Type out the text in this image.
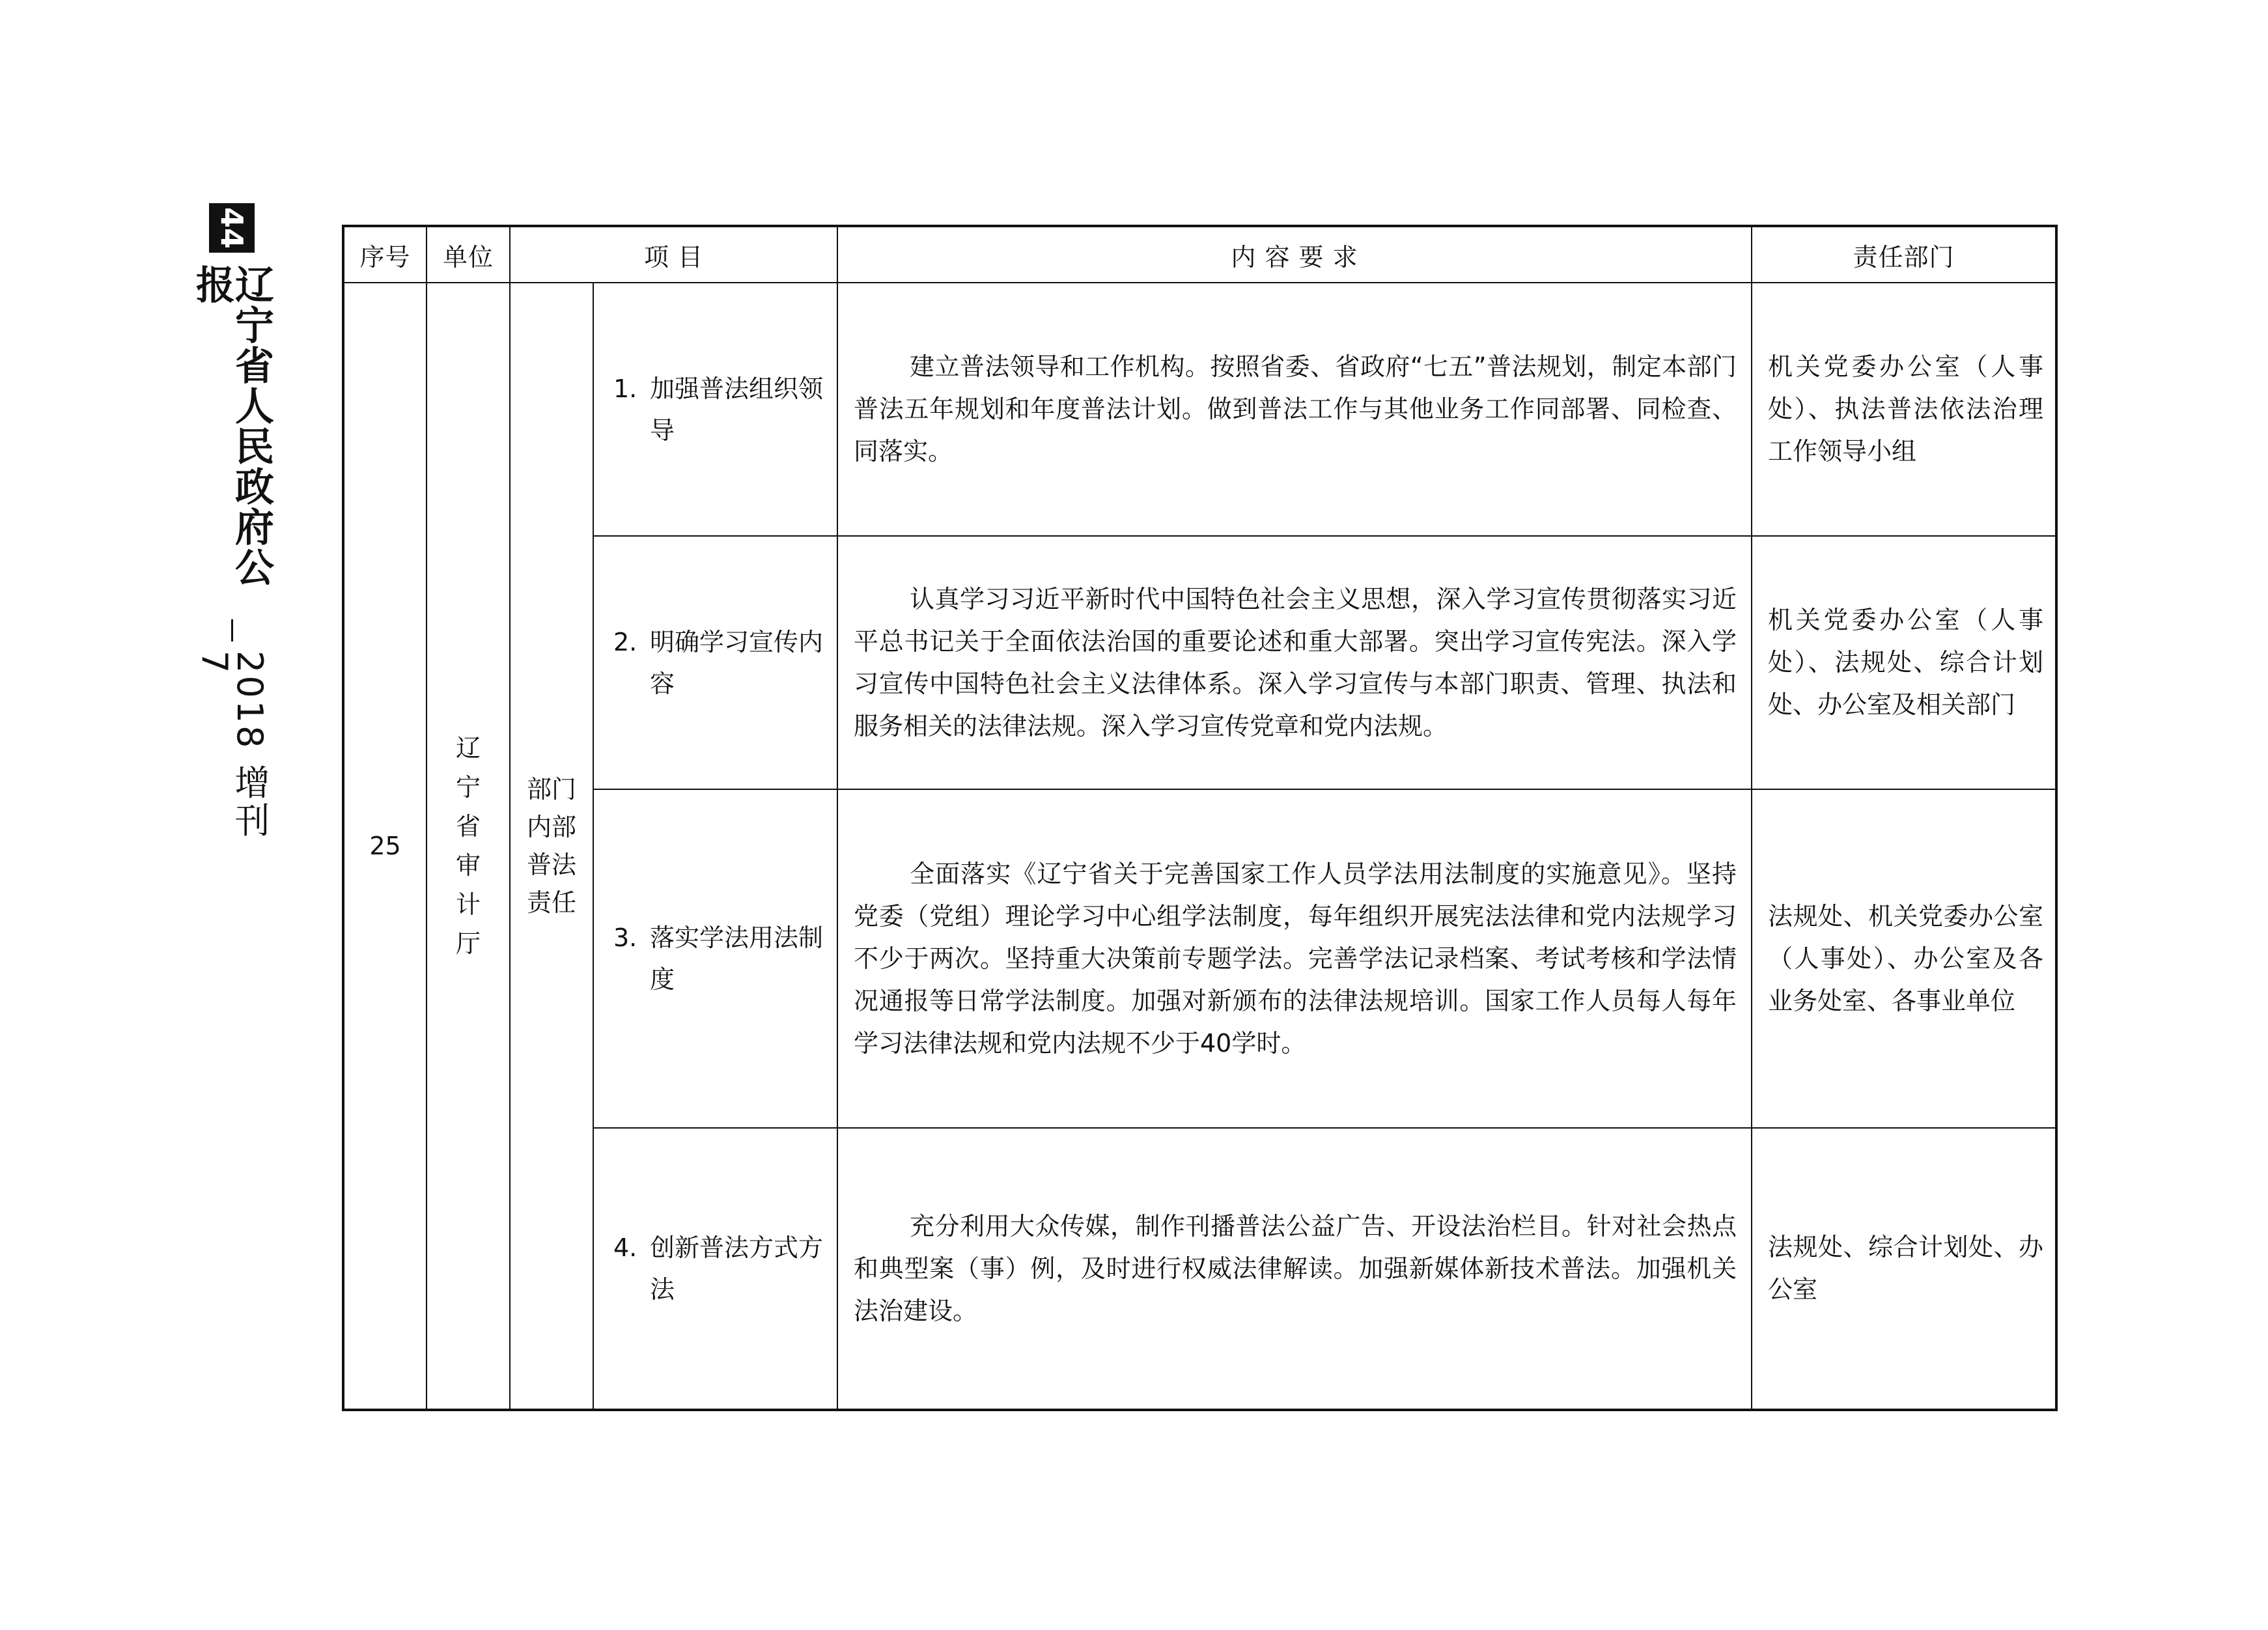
44
辽宁省人民政府公报
2018 增刊7
序号	单位	项 目		内 容 要 求	责任部门
25	辽宁省审计厅	部门内部普法责任	1. 加强普法组织领导	建立普法领导和工作机构。按照省委、省政府“七五”普法规划，制定本部门普法五年规划和年度普法计划。做到普法工作与其他业务工作同部署、同检查、同落实。	机关党委办公室（人事处）、执法普法依法治理工作领导小组

			2. 明确学习宣传内容	认真学习习近平新时代中国特色社会主义思想，深入学习宣传贯彻落实习近平总书记关于全面依法治国的重要论述和重大部署。突出学习宣传宪法。深入学习宣传中国特色社会主义法律体系。深入学习宣传与本部门职责、管理、执法和服务相关的法律法规。深入学习宣传党章和党内法规。	机关党委办公室（人事处）、法规处、综合计划处、办公室及相关部门

			3. 落实学法用法制度	全面落实《辽宁省关于完善国家工作人员学法用法制度的实施意见》。坚持党委（党组）理论学习中心组学法制度，每年组织开展宪法法律和党内法规学习不少于两次。坚持重大决策前专题学法。完善学法记录档案、考试考核和学法情况通报等日常学法制度。加强对新颁布的法律法规培训。国家工作人员每人每年学习法律法规和党内法规不少于40学时。	法规处、机关党委办公室（人事处）、办公室及各业务处室、各事业单位

			4. 创新普法方式方法	充分利用大众传媒，制作刊播普法公益广告、开设法治栏目。针对社会热点和典型案（事）例，及时进行权威法律解读。加强新媒体新技术普法。加强机关法治建设。	法规处、综合计划处、办公室
